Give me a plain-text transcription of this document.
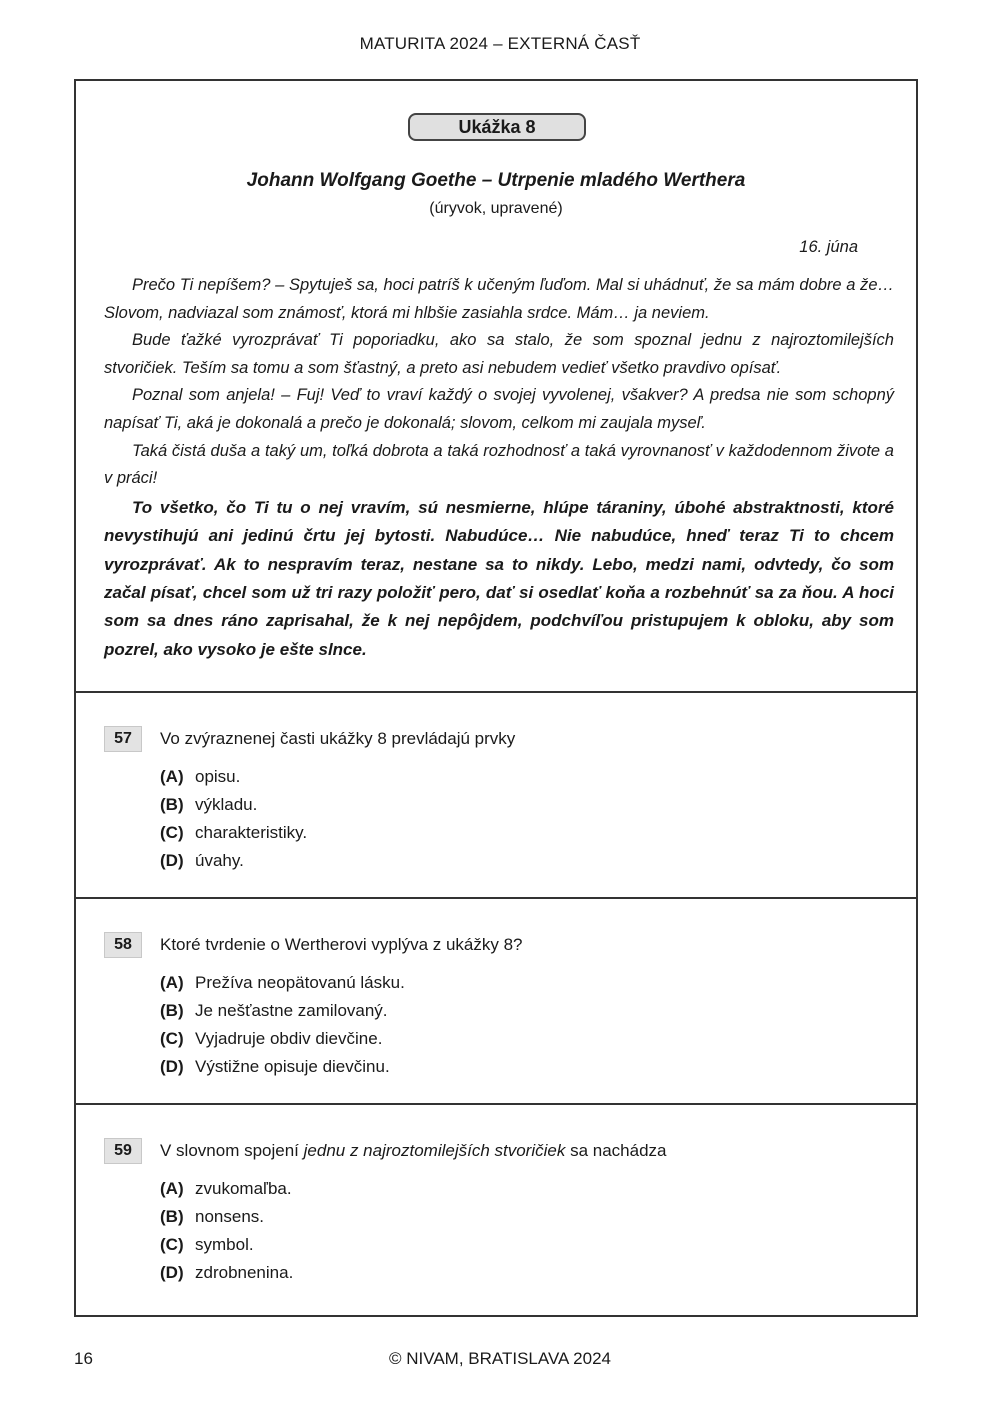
MATURITA 2024 – EXTERNÁ ČASŤ
Ukážka 8
Johann Wolfgang Goethe – Utrpenie mladého Werthera
(úryvok, upravené)
16. júna

Prečo Ti nepíšem? – Spytuješ sa, hoci patríš k učeným ľuďom. Mal si uhádnuť, že sa mám dobre a že… Slovom, nadviazal som známosť, ktorá mi hlbšie zasiahla srdce. Mám… ja neviem.

Bude ťažké vyrozprávať Ti poporiadku, ako sa stalo, že som spoznal jednu z najroztomilejších stvoričiek. Teším sa tomu a som šťastný, a preto asi nebudem vedieť všetko pravdivo opísať.

Poznal som anjela! – Fuj! Veď to vraví každý o svojej vyvolenej, všakver? A predsa nie som schopný napísať Ti, aká je dokonalá a prečo je dokonalá; slovom, celkom mi zaujala myseľ.

Taká čistá duša a taký um, toľká dobrota a taká rozhodnosť a taká vyrovnanosť v každodennom živote a v práci!

To všetko, čo Ti tu o nej vravím, sú nesmierne, hlúpe táraniny, úbohé abstraktnosti, ktoré nevystihujú ani jedinú črtu jej bytosti. Nabudúce… Nie nabudúce, hneď teraz Ti to chcem vyrozprávať. Ak to nespravím teraz, nestane sa to nikdy. Lebo, medzi nami, odvtedy, čo som začal písať, chcel som už tri razy položiť pero, dať si osedlať koňa a rozbehnúť sa za ňou. A hoci som sa dnes ráno zaprisahal, že k nej nepôjdem, podchvíľou pristupujem k obloku, aby som pozrel, ako vysoko je ešte slnce.

57	Vo zvýraznenej časti ukážky 8 prevládajú prvky
(A) opisu.
(B) výkladu.
(C) charakteristiky.
(D) úvahy.
58	Ktoré tvrdenie o Wertherovi vyplýva z ukážky 8?
(A) Prežíva neopätovanú lásku.
(B) Je nešťastne zamilovaný.
(C) Vyjadruje obdiv dievčine.
(D) Výstižne opisuje dievčinu.
59	V slovnom spojení jednu z najroztomilejších stvoričiek sa nachádza
(A) zvukomaľba.
(B) nonsens.
(C) symbol.
(D) zdrobnenina.
16	© NIVAM, BRATISLAVA 2024
